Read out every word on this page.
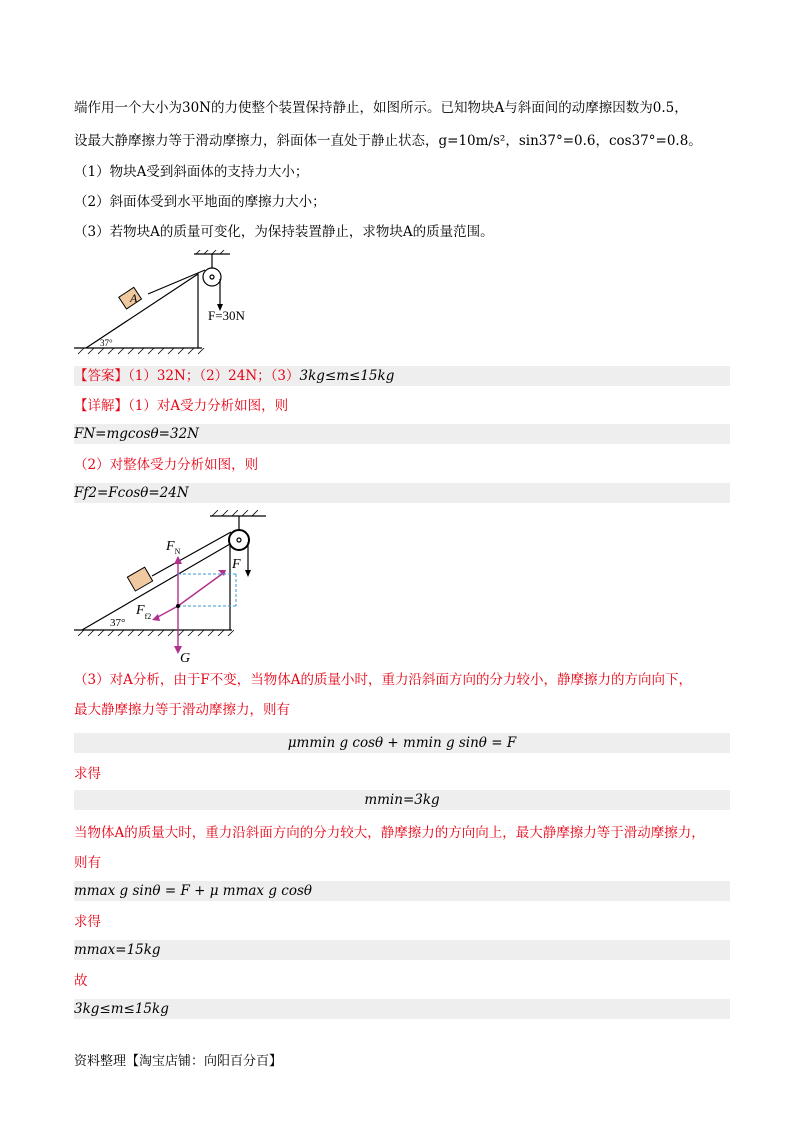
端作用一个大小为30N的力使整个装置保持静止，如图所示。已知物块A与斜面间的动摩擦因数为0.5，
设最大静摩擦力等于滑动摩擦力，斜面体一直处于静止状态，g=10m/s²，sin37°=0.6，cos37°=0.8。
（1）物块A受到斜面体的支持力大小；
（2）斜面体受到水平地面的摩擦力大小；
（3）若物块A的质量可变化，为保持装置静止，求物块A的质量范围。
A
37°
F=30N
【答案】（1）32N；（2）24N；（3）3kg≤m≤15kg
【详解】（1）对A受力分析如图，则
FN=mgcosθ=32N
（2）对整体受力分析如图，则
Ff2=Fcosθ=24N
$F_N$
F
$F_{f2}$
37°
G
（3）对A分析，由于F不变，当物体A的质量小时，重力沿斜面方向的分力较小，静摩擦力的方向向下，
最大静摩擦力等于滑动摩擦力，则有
μmmin g cosθ + mmin g sinθ = F
求得
mmin=3kg
当物体A的质量大时，重力沿斜面方向的分力较大，静摩擦力的方向向上，最大静摩擦力等于滑动摩擦力，
则有
mmax g sinθ = F + μ mmax g cosθ
求得
mmax=15kg
故
3kg≤m≤15kg
资料整理【淘宝店铺：向阳百分百】
